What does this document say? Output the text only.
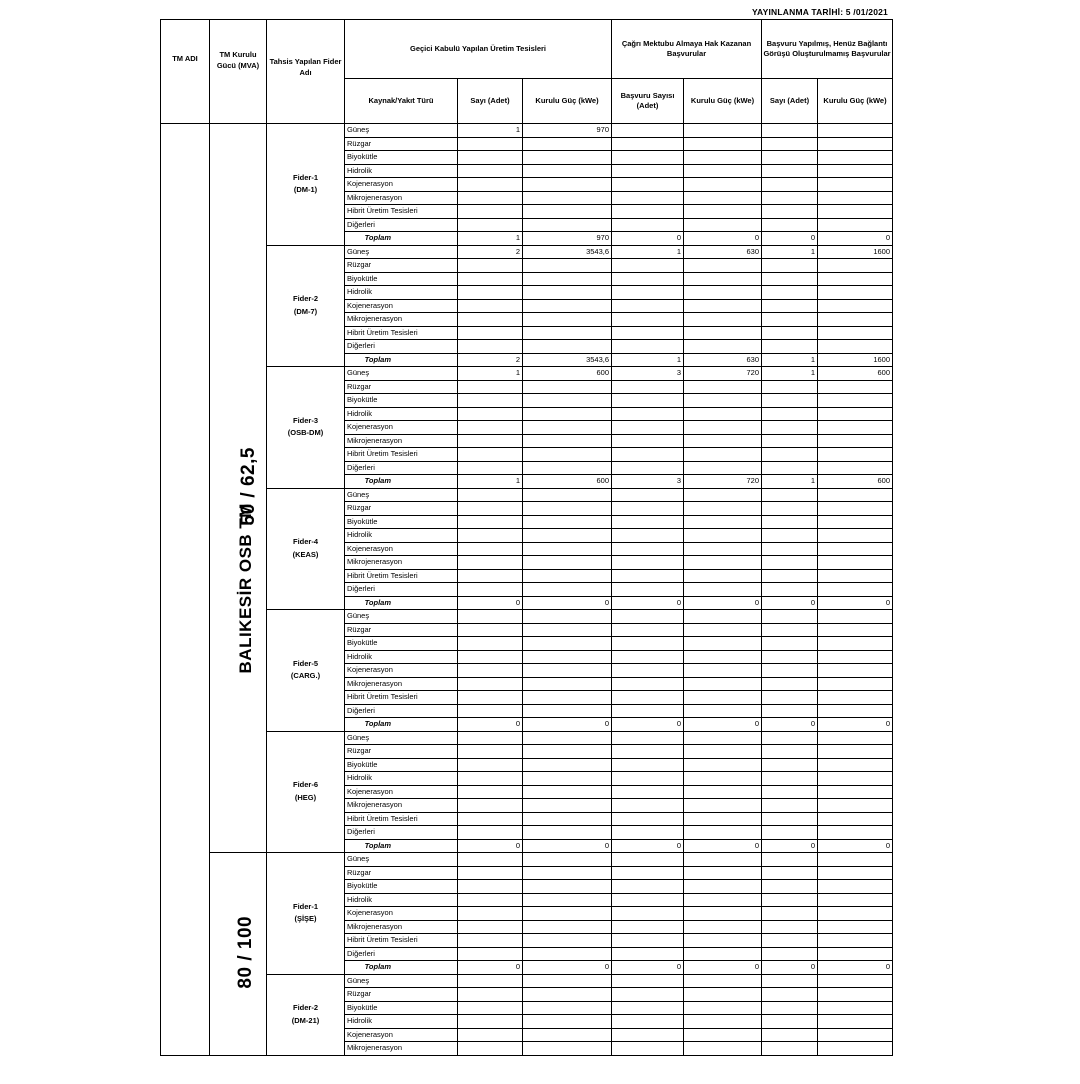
YAYINLANMA TARİHİ: 5 /01/2021
TM ADI	TM Kurulu Gücü (MVA)	Tahsis Yapılan Fider Adı	Geçici Kabulü Yapılan Üretim Tesisleri			Çağrı Mektubu Almaya Hak Kazanan Başvurular		Başvuru Yapılmış, Henüz Bağlantı Görüşü Oluşturulmamış Başvurular	
			Kaynak/Yakıt Türü	Sayı (Adet)	Kurulu Güç (kWe)	Başvuru Sayısı (Adet)	Kurulu Güç (kWe)	Sayı (Adet)	Kurulu Güç (kWe)
BALIKESİR OSB TM	50 / 62,5	Fider-1
(DM-1)	Güneş	1	970				
			Rüzgar						
			Biyokütle						
			Hidrolik						
			Kojenerasyon						
			Mikrojenerasyon						
			Hibrit Üretim Tesisleri						
			Diğerleri						
			Toplam	1	970	0	0	0	0

		Fider-2
(DM-7)	Güneş	2	3543,6	1	630	1	1600
			Rüzgar						
			Biyokütle						
			Hidrolik						
			Kojenerasyon						
			Mikrojenerasyon						
			Hibrit Üretim Tesisleri						
			Diğerleri						
			Toplam	2	3543,6	1	630	1	1600

		Fider-3
(OSB-DM)	Güneş	1	600	3	720	1	600
			Rüzgar						
			Biyokütle						
			Hidrolik						
			Kojenerasyon						
			Mikrojenerasyon						
			Hibrit Üretim Tesisleri						
			Diğerleri						
			Toplam	1	600	3	720	1	600

		Fider-4
(KEAS)	Güneş						
			Rüzgar						
			Biyokütle						
			Hidrolik						
			Kojenerasyon						
			Mikrojenerasyon						
			Hibrit Üretim Tesisleri						
			Diğerleri						
			Toplam	0	0	0	0	0	0

		Fider-5
(CARG.)	Güneş						
			Rüzgar						
			Biyokütle						
			Hidrolik						
			Kojenerasyon						
			Mikrojenerasyon						
			Hibrit Üretim Tesisleri						
			Diğerleri						
			Toplam	0	0	0	0	0	0

		Fider-6
(HEG)	Güneş						
			Rüzgar						
			Biyokütle						
			Hidrolik						
			Kojenerasyon						
			Mikrojenerasyon						
			Hibrit Üretim Tesisleri						
			Diğerleri						
			Toplam	0	0	0	0	0	0
	80 / 100	Fider-1
(ŞİŞE)	Güneş						
			Rüzgar						
			Biyokütle						
			Hidrolik						
			Kojenerasyon						
			Mikrojenerasyon						
			Hibrit Üretim Tesisleri						
			Diğerleri						
			Toplam	0	0	0	0	0	0

		Fider-2
(DM-21)	Güneş						
			Rüzgar						
			Biyokütle						
			Hidrolik						
			Kojenerasyon						
			Mikrojenerasyon						
